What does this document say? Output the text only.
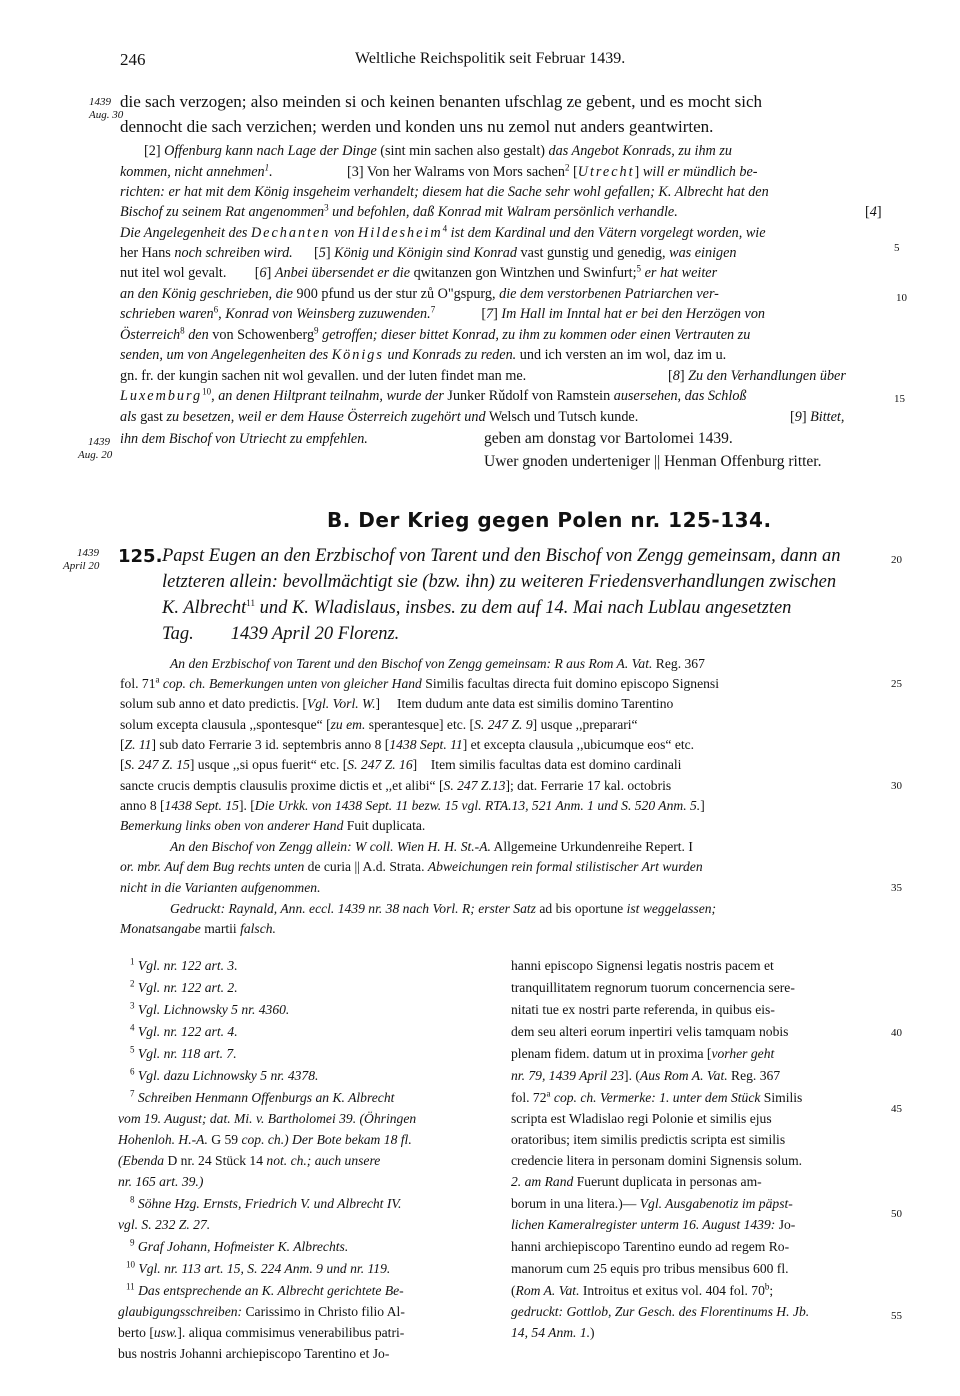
246	Weltliche Reichspolitik seit Februar 1439.
1439
Aug. 30
1439
Aug. 20
1439
April 20
5
10
15
20
25
30
35
40
45
50
55
die sach verzogen; also meinden si och keinen benanten ufschlag ze gebent, und es mocht sich
dennocht die sach verzichen; werden und konden uns nu zemol nut anders geantwirten.
[2] Offenburg kann nach Lage der Dinge (sint min sachen also gestalt) das Angebot Konrads, zu ihm zu
kommen, nicht annehmen$^1$.	[3] Von her Walrams von Mors sachen$^2$ [Utrecht] will er mündlich be-
richten: er hat mit dem König insgeheim verhandelt; diesem hat die Sache sehr wohl gefallen; K. Albrecht hat den
Bischof zu seinem Rat angenommen$^3$ und befohlen, daß Konrad mit Walram persönlich verhandle.	[4]
Die Angelegenheit des Dechanten von Hildesheim$^4$ ist dem Kardinal und den Vätern vorgelegt worden, wie
her Hans noch schreiben wird.      [5] König und Königin sind Konrad vast gunstig und genedig, was einigen
nut itel wol gevalt.        [6] Anbei übersendet er die qwitanzen gon Wintzhen und Swinfurt;$^5$ er hat weiter
an den König geschrieben, die 900 pfund us der stur zů O"gspurg, die dem verstorbenen Patriarchen ver-
schrieben waren$^6$, Konrad von Weinsberg zuzuwenden.$^7$             [7] Im Hall im Inntal hat er bei den Herzögen von
Österreich$^8$ den von Schowenberg$^9$ getroffen; dieser bittet Konrad, zu ihm zu kommen oder einen Vertrauten zu
senden, um von Angelegenheiten des Königs und Konrads zu reden. und ich versten an im wol, daz im u.
gn. fr. der kungin sachen nit wol gevallen. und der luten findet man me.	[8] Zu den Verhandlungen über
Luxemburg$^{10}$, an denen Hiltprant teilnahm, wurde der Junker Rǔdolf von Ramstein ausersehen, das Schloß
als gast zu besetzen, weil er dem Hause Österreich zugehört und Welsch und Tutsch kunde.	[9] Bittet,
ihn dem Bischof von Utriecht zu empfehlen.	geben am donstag vor Bartolomei 1439.
Uwer gnoden underteniger || Henman Offenburg ritter.
B. Der Krieg gegen Polen nr. 125-134.
125. Papst Eugen an den Erzbischof von Tarent und den Bischof von Zengg gemeinsam, dann an
letzteren allein: bevollmächtigt sie (bzw. ihn) zu weiteren Friedensverhandlungen zwischen
K. Albrecht$^{11}$ und K. Wladislaus, insbes. zu dem auf 14. Mai nach Lublau angesetzten
Tag.        1439 April 20 Florenz.
An den Erzbischof von Tarent und den Bischof von Zengg gemeinsam: R aus Rom A. Vat. Reg. 367
fol. 71$^a$ cop. ch. Bemerkungen unten von gleicher Hand Similis facultas directa fuit domino episcopo Signensi
solum sub anno et dato predictis. [Vgl. Vorl. W.]     Item dudum ante data est similis domino Tarentino
solum excepta clausula ,,spontesque“ [zu em. sperantesque] etc. [S. 247 Z. 9] usque ,,preparari“
[Z. 11] sub dato Ferrarie 3 id. septembris anno 8 [1438 Sept. 11] et excepta clausula ,,ubicumque eos“ etc.
[S. 247 Z. 15] usque ,,si opus fuerit“ etc. [S. 247 Z. 16]    Item similis facultas data est domino cardinali
sancte crucis demptis clausulis proxime dictis et ,,et alibi“ [S. 247 Z.13]; dat. Ferrarie 17 kal. octobris
anno 8 [1438 Sept. 15]. [Die Urkk. von 1438 Sept. 11 bezw. 15 vgl. RTA.13, 521 Anm. 1 und S. 520 Anm. 5.]
Bemerkung links oben von anderer Hand Fuit duplicata.
An den Bischof von Zengg allein: W coll. Wien H. H. St.-A. Allgemeine Urkundenreihe Repert. I
or. mbr. Auf dem Bug rechts unten de curia || A.d. Strata. Abweichungen rein formal stilistischer Art wurden
nicht in die Varianten aufgenommen.
Gedruckt: Raynald, Ann. eccl. 1439 nr. 38 nach Vorl. R; erster Satz ad bis oportune ist weggelassen;
Monatsangabe martii falsch.
$^1$ Vgl. nr. 122 art. 3.
$^2$ Vgl. nr. 122 art. 2.
$^3$ Vgl. Lichnowsky 5 nr. 4360.
$^4$ Vgl. nr. 122 art. 4.
$^5$ Vgl. nr. 118 art. 7.
$^6$ Vgl. dazu Lichnowsky 5 nr. 4378.
$^7$ Schreiben Henmann Offenburgs an K. Albrecht
vom 19. August; dat. Mi. v. Bartholomei 39. (Öhringen
Hohenloh. H.-A. G 59 cop. ch.) Der Bote bekam 18 fl.
(Ebenda D nr. 24 Stück 14 not. ch.; auch unsere
nr. 165 art. 39.)
$^8$ Söhne Hzg. Ernsts, Friedrich V. und Albrecht IV.
vgl. S. 232 Z. 27.
$^9$ Graf Johann, Hofmeister K. Albrechts.
$^{10}$ Vgl. nr. 113 art. 15, S. 224 Anm. 9 und nr. 119.
$^{11}$ Das entsprechende an K. Albrecht gerichtete Be-
glaubigungsschreiben: Carissimo in Christo filio Al-
berto [usw.]. aliqua commisimus venerabilibus patri-
bus nostris Johanni archiepiscopo Tarentino et Jo-
hanni episcopo Signensi legatis nostris pacem et
tranquillitatem regnorum tuorum concernencia sere-
nitati tue ex nostri parte referenda, in quibus eis-
dem seu alteri eorum inpertiri velis tamquam nobis
plenam fidem. datum ut in proxima [vorher geht
nr. 79, 1439 April 23]. (Aus Rom A. Vat. Reg. 367
fol. 72$^a$ cop. ch. Vermerke: 1. unter dem Stück Similis
scripta est Wladislao regi Polonie et similis ejus
oratoribus; item similis predictis scripta est similis
credencie litera in personam domini Signensis solum.
2. am Rand Fuerunt duplicata in personas am-
borum in una litera.)— Vgl. Ausgabenotiz im päpst-
lichen Kameralregister unterm 16. August 1439: Jo-
hanni archiepiscopo Tarentino eundo ad regem Ro-
manorum cum 25 equis pro tribus mensibus 600 fl.
(Rom A. Vat. Introitus et exitus vol. 404 fol. 70$^b$;
gedruckt: Gottlob, Zur Gesch. des Florentinums H. Jb.
14, 54 Anm. 1.)
